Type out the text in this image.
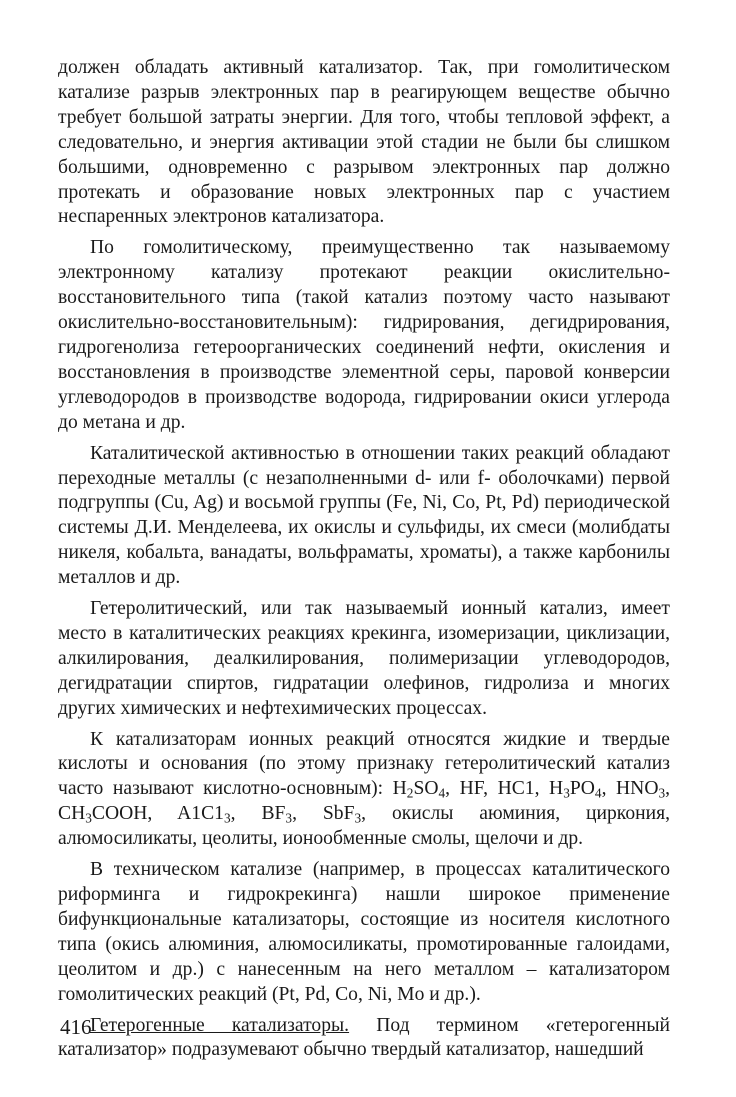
должен обладать активный катализатор. Так, при гомолитическом катализе разрыв электронных пар в реагирующем веществе обычно требует большой затраты энергии. Для того, чтобы тепловой эффект, а следовательно, и энергия активации этой стадии не были бы слишком большими, одновременно с разрывом электронных пар должно протекать и образование новых электронных пар с участием неспаренных электронов катализатора.

По гомолитическому, преимущественно так называемому электронному катализу протекают реакции окислительно-восстановительного типа (такой катализ поэтому часто называют окислительно-восстановительным): гидрирования, дегидрирования, гидрогенолиза гетероорганических соединений нефти, окисления и восстановления в производстве элементной серы, паровой конверсии углеводородов в производстве водорода, гидрировании окиси углерода до метана и др.

Каталитической активностью в отношении таких реакций обладают переходные металлы (с незаполненными d- или f- оболочками) первой подгруппы (Cu, Ag) и восьмой группы (Fe, Ni, Co, Pt, Pd) периодической системы Д.И. Менделеева, их окислы и сульфиды, их смеси (молибдаты никеля, кобальта, ванадаты, вольфраматы, хроматы), а также карбонилы металлов и др.

Гетеролитический, или так называемый ионный катализ, имеет место в каталитических реакциях крекинга, изомеризации, циклизации, алкилирования, деалкилирования, полимеризации углеводородов, дегидратации спиртов, гидратации олефинов, гидролиза и многих других химических и нефтехимических процессах.

К катализаторам ионных реакций относятся жидкие и твердые кислоты и основания (по этому признаку гетеролитический катализ часто называют кислотно-основным): $H_2SO_4$, HF, HC1, $H_3PO_4$, $HNO_3$, $CH_3COOH$, $A1C1_3$, $BF_3$, SbF$_3$, окислы аюминия, циркония, алюмосиликаты, цеолиты, ионообменные смолы, щелочи и др.

В техническом катализе (например, в процессах каталитического риформинга и гидрокрекинга) нашли широкое применение бифункциональные катализаторы, состоящие из носителя кислотного типа (окись алюминия, алюмосиликаты, промотированные галоидами, цеолитом и др.) с нанесенным на него металлом – катализатором гомолитических реакций (Pt, Pd, Co, Ni, Mo и др.).

Гетерогенные катализаторы. Под термином «гетерогенный катализатор» подразумевают обычно твердый катализатор, нашедший

416
